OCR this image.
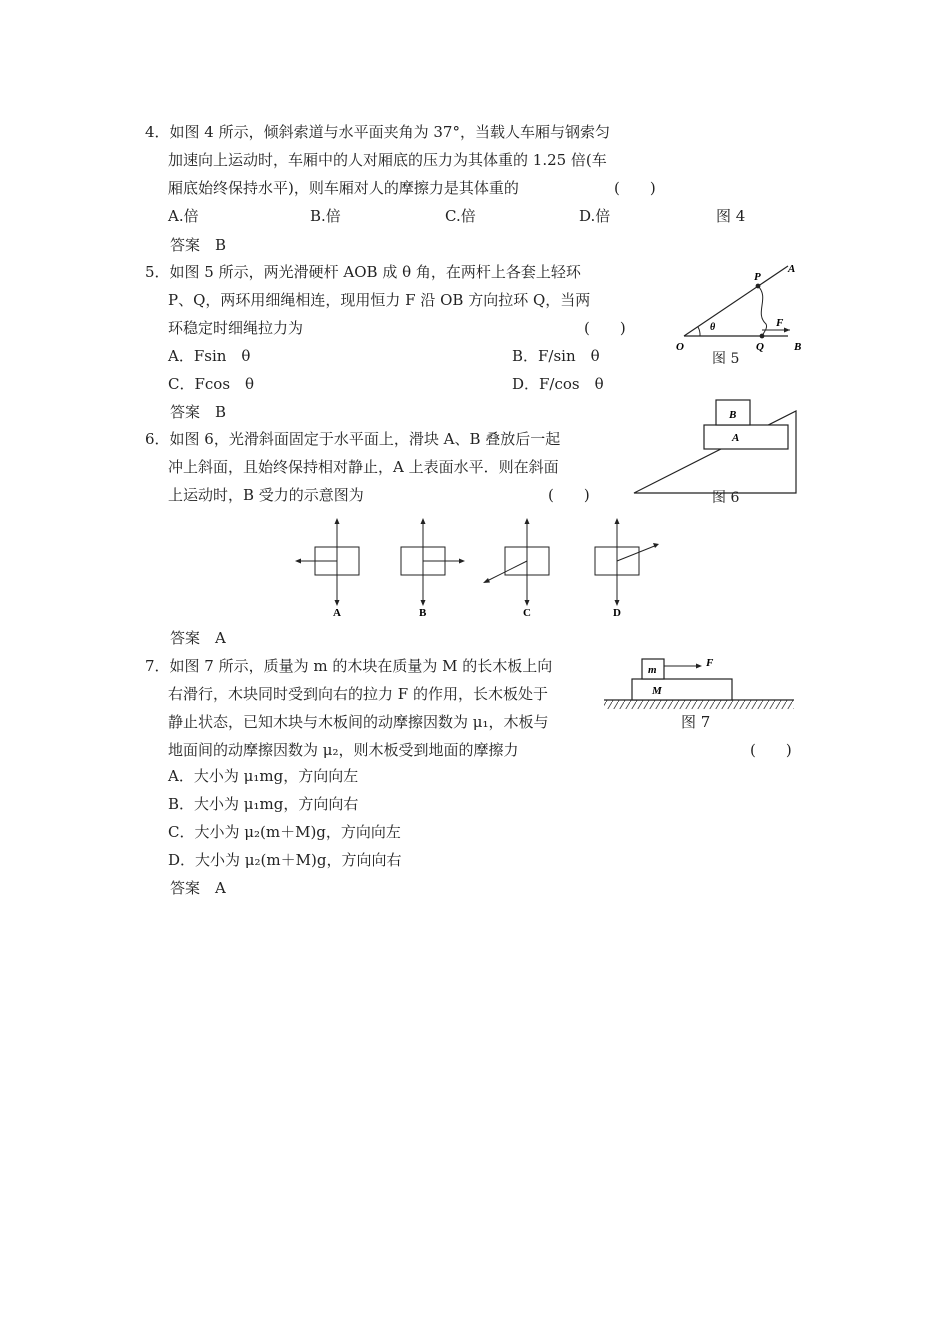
4．如图 4 所示，倾斜索道与水平面夹角为 37°，当载人车厢与钢索匀
加速向上运动时，车厢中的人对厢底的压力为其体重的 1.25 倍(车
厢底始终保持水平)，则车厢对人的摩擦力是其体重的	(　　)
A.倍	B.倍	C.倍	D.倍	图 4
答案　B
5．如图 5 所示，两光滑硬杆 AOB 成 θ 角，在两杆上各套上轻环
P、Q，两环用细绳相连，现用恒力 F 沿 OB 方向拉环 Q，当两
环稳定时细绳拉力为	(　　)
A．Fsin　θ	B．F/sin　θ
C．Fcos　θ	D．F/cos　θ
答案　B
P
A
θ	F
O	Q	B
图 5
6．如图 6，光滑斜面固定于水平面上，滑块 A、B 叠放后一起
冲上斜面，且始终保持相对静止，A 上表面水平．则在斜面
上运动时，B 受力的示意图为	(　　)
B
A
图 6
A	B	C	D
答案　A
7．如图 7 所示，质量为 m 的木块在质量为 M 的长木板上向
右滑行，木块同时受到向右的拉力 F 的作用，长木板处于
静止状态，已知木块与木板间的动摩擦因数为 μ₁，木板与
地面间的动摩擦因数为 μ₂，则木板受到地面的摩擦力	(　　)
A．大小为 μ₁mg，方向向左
B．大小为 μ₁mg，方向向右
C．大小为 μ₂(m＋M)g，方向向左
D．大小为 μ₂(m＋M)g，方向向右
答案　A
m
M
F
图 7
